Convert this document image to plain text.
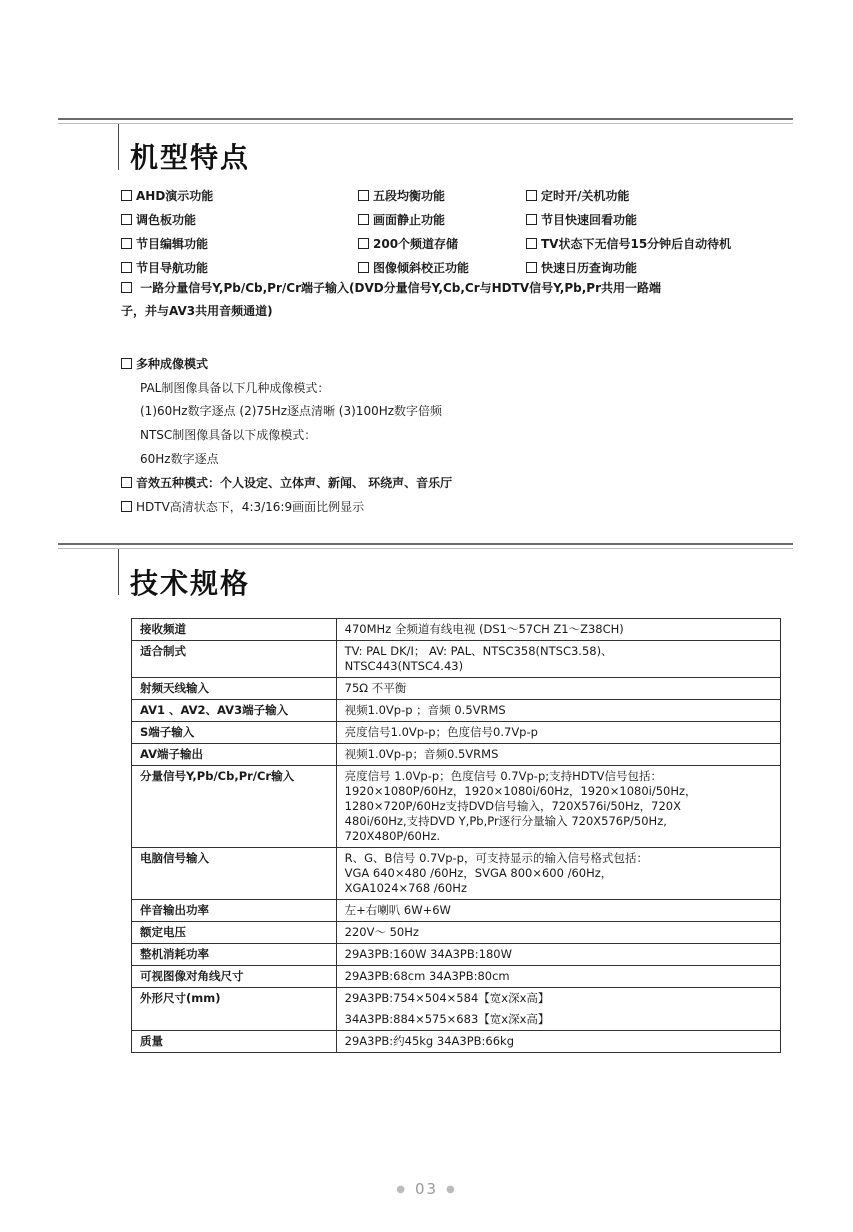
机型特点
AHD演示功能	五段均衡功能	定时开/关机功能
调色板功能	画面静止功能	节目快速回看功能
节目编辑功能	200个频道存储	TV状态下无信号15分钟后自动待机
节目导航功能	图像倾斜校正功能	快速日历查询功能
一路分量信号Y,Pb/Cb,Pr/Cr端子输入(DVD分量信号Y,Cb,Cr与HDTV信号Y,Pb,Pr共用一路端
子，并与AV3共用音频通道)
多种成像模式
PAL制图像具备以下几种成像模式：
(1)60Hz数字逐点 (2)75Hz逐点清晰 (3)100Hz数字倍频
NTSC制图像具备以下成像模式：
60Hz数字逐点
音效五种模式：个人设定、立体声、新闻、 环绕声、音乐厅
HDTV高清状态下，4:3/16:9画面比例显示
技术规格
接收频道	470MHz 全频道有线电视 (DS1～57CH Z1～Z38CH)

适合制式	TV: PAL DK/I； AV: PAL、NTSC358(NTSC3.58)、
NTSC443(NTSC4.43)

射频天线输入	75Ω 不平衡

AV1 、AV2、AV3端子输入	视频1.0Vp-p ；音频 0.5VRMS

S端子输入	亮度信号1.0Vp-p；色度信号0.7Vp-p

AV端子输出	视频1.0Vp-p；音频0.5VRMS

分量信号Y,Pb/Cb,Pr/Cr输入	亮度信号 1.0Vp-p；色度信号 0.7Vp-p;支持HDTV信号包括：
1920×1080P/60Hz，1920×1080i/60Hz，1920×1080i/50Hz，
1280×720P/60Hz支持DVD信号输入，720X576i/50Hz，720X
480i/60Hz,支持DVD Y,Pb,Pr逐行分量输入 720X576P/50Hz,
720X480P/60Hz.

电脑信号输入	R、G、B信号 0.7Vp-p，可支持显示的输入信号格式包括：
VGA 640×480 /60Hz，SVGA 800×600 /60Hz，
XGA1024×768 /60Hz

伴音输出功率	左+右喇叭 6W+6W

额定电压	220V～ 50Hz

整机消耗功率	29A3PB:160W 34A3PB:180W

可视图像对角线尺寸	29A3PB:68cm 34A3PB:80cm

外形尺寸(mm)	29A3PB:754×504×584【宽x深x高】
34A3PB:884×575×683【宽x深x高】

质量	29A3PB:约45kg 34A3PB:66kg
● 03 ●
